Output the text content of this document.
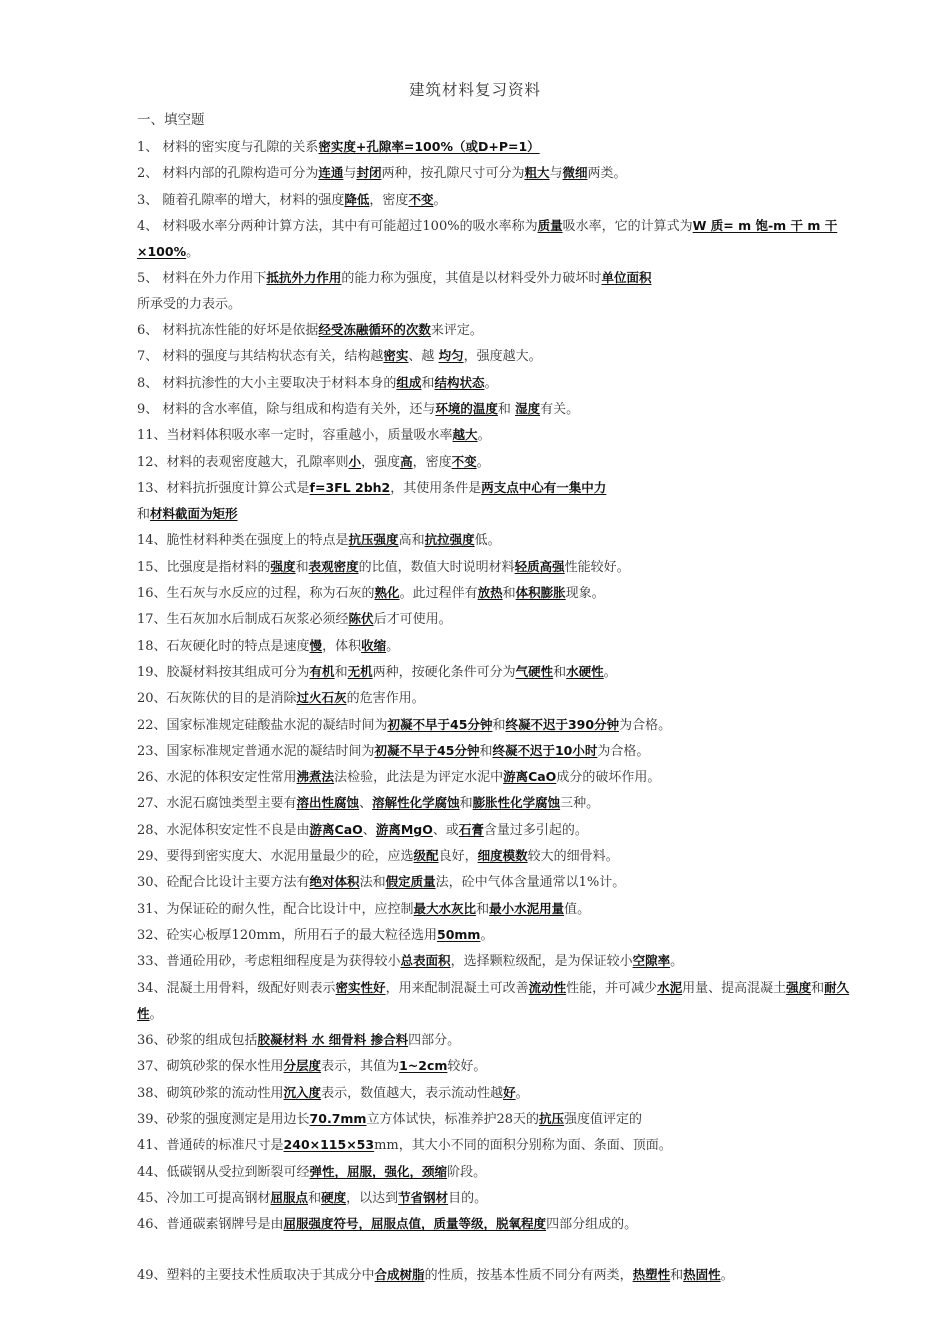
建筑材料复习资料
一、填空题
1、 材料的密实度与孔隙的关系密实度+孔隙率=100%（或D+P=1）
2、 材料内部的孔隙构造可分为连通与封闭两种，按孔隙尺寸可分为粗大与微细两类。
3、 随着孔隙率的增大，材料的强度降低，密度不变。
4、 材料吸水率分两种计算方法，其中有可能超过100%的吸水率称为质量吸水率，它的计算式为W 质= m 饱-m 干 m 干 ×100%。
5、 材料在外力作用下抵抗外力作用的能力称为强度，其值是以材料受外力破坏时单位面积
所承受的力表示。
6、 材料抗冻性能的好坏是依据经受冻融循环的次数来评定。
7、 材料的强度与其结构状态有关，结构越密实、越 均匀，强度越大。
8、 材料抗渗性的大小主要取决于材料本身的组成和结构状态。
9、 材料的含水率值，除与组成和构造有关外，还与环境的温度和 湿度有关。
11、当材料体积吸水率一定时，容重越小，质量吸水率越大。
12、材料的表观密度越大，孔隙率则小，强度高，密度不变。
13、材料抗折强度计算公式是f=3FL 2bh2，其使用条件是两支点中心有一集中力
和材料截面为矩形
14、脆性材料种类在强度上的特点是抗压强度高和抗拉强度低。
15、比强度是指材料的强度和表观密度的比值，数值大时说明材料轻质高强性能较好。
16、生石灰与水反应的过程，称为石灰的熟化。此过程伴有放热和体积膨胀现象。
17、生石灰加水后制成石灰浆必须经陈伏后才可使用。
18、石灰硬化时的特点是速度慢，体积收缩。
19、胶凝材料按其组成可分为有机和无机两种，按硬化条件可分为气硬性和水硬性。
20、石灰陈伏的目的是消除过火石灰的危害作用。
22、国家标准规定硅酸盐水泥的凝结时间为初凝不早于45分钟和终凝不迟于390分钟为合格。
23、国家标准规定普通水泥的凝结时间为初凝不早于45分钟和终凝不迟于10小时为合格。
26、水泥的体积安定性常用沸煮法法检验，此法是为评定水泥中游离CaO成分的破坏作用。
27、水泥石腐蚀类型主要有溶出性腐蚀、溶解性化学腐蚀和膨胀性化学腐蚀三种。
28、水泥体积安定性不良是由游离CaO、游离MgO、或石膏含量过多引起的。
29、要得到密实度大、水泥用量最少的砼，应选级配良好，细度模数较大的细骨料。
30、砼配合比设计主要方法有绝对体积法和假定质量法，砼中气体含量通常以1%计。
31、为保证砼的耐久性，配合比设计中，应控制最大水灰比和最小水泥用量值。
32、砼实心板厚120mm，所用石子的最大粒径选用50mm。
33、普通砼用砂，考虑粗细程度是为获得较小总表面积，选择颗粒级配，是为保证较小空隙率。
34、混凝土用骨料，级配好则表示密实性好，用来配制混凝土可改善流动性性能，并可减少水泥用量、提高混凝土强度和耐久性。
36、砂浆的组成包括胶凝材料 水 细骨料 掺合料四部分。
37、砌筑砂浆的保水性用分层度表示，其值为1~2cm较好。
38、砌筑砂浆的流动性用沉入度表示，数值越大，表示流动性越好。
39、砂浆的强度测定是用边长70.7mm立方体试快，标准养护28天的抗压强度值评定的
41、普通砖的标准尺寸是240×115×53mm，其大小不同的面积分别称为面、条面、顶面。
44、低碳钢从受拉到断裂可经弹性，屈服，强化，颈缩阶段。
45、冷加工可提高钢材屈服点和硬度，以达到节省钢材目的。
46、普通碳素钢牌号是由屈服强度符号，屈服点值，质量等级，脱氧程度四部分组成的。
49、塑料的主要技术性质取决于其成分中合成树脂的性质，按基本性质不同分有两类，热塑性和热固性。
